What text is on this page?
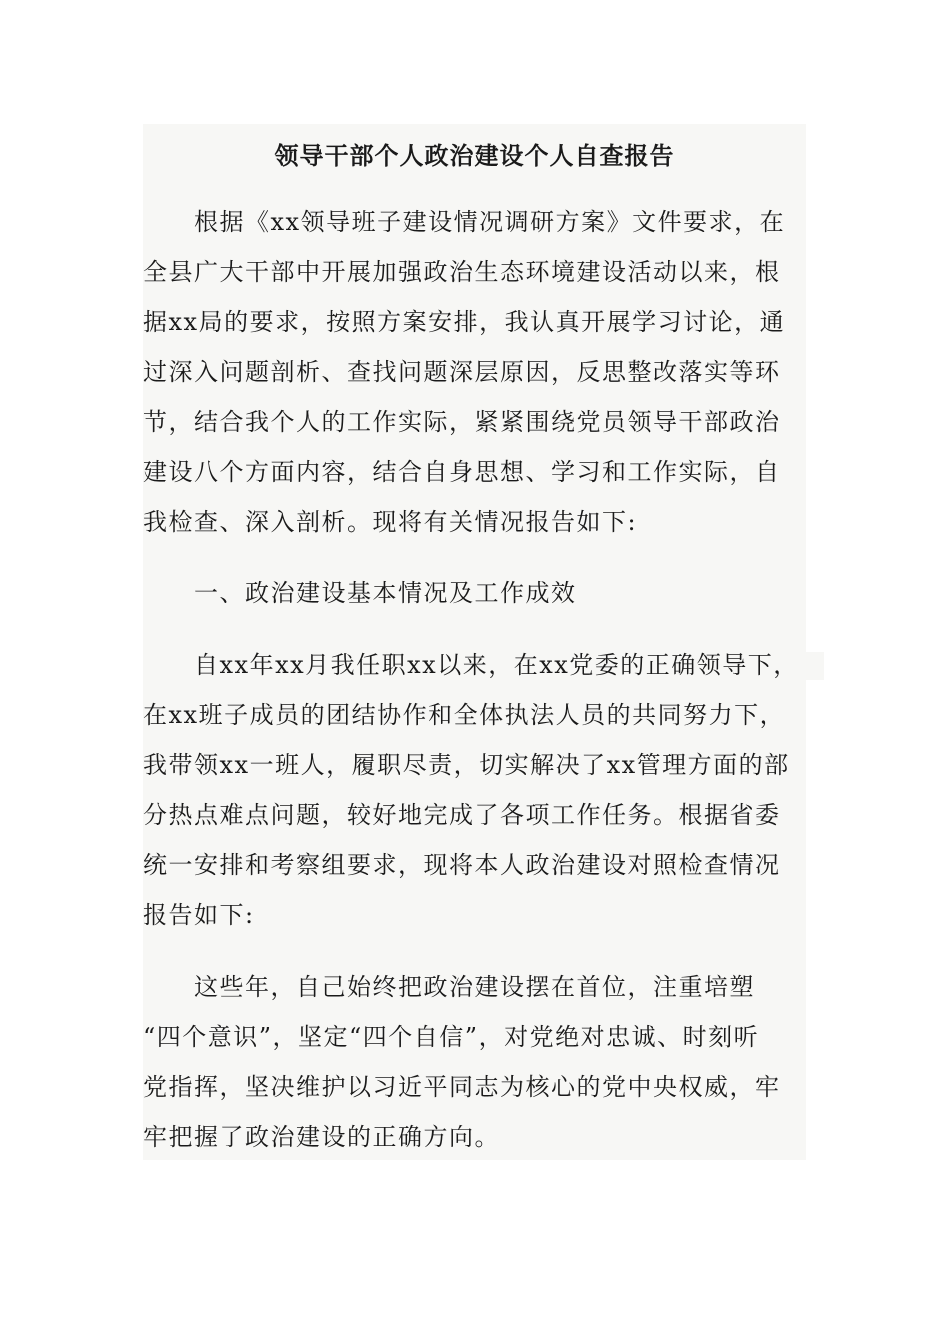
领导干部个人政治建设个人自查报告
　　根据《xx领导班子建设情况调研方案》文件要求，在
全县广大干部中开展加强政治生态环境建设活动以来，根
据xx局的要求，按照方案安排，我认真开展学习讨论，通
过深入问题剖析、查找问题深层原因，反思整改落实等环
节，结合我个人的工作实际，紧紧围绕党员领导干部政治
建设八个方面内容，结合自身思想、学习和工作实际，自
我检查、深入剖析。现将有关情况报告如下:
　　一、政治建设基本情况及工作成效
　　自xx年xx月我任职xx以来，在xx党委的正确领导下，
在xx班子成员的团结协作和全体执法人员的共同努力下，
我带领xx一班人，履职尽责，切实解决了xx管理方面的部
分热点难点问题，较好地完成了各项工作任务。根据省委
统一安排和考察组要求，现将本人政治建设对照检查情况
报告如下:
　　这些年，自己始终把政治建设摆在首位，注重培塑
“四个意识”，坚定“四个自信”，对党绝对忠诚、时刻听
党指挥，坚决维护以习近平同志为核心的党中央权威，牢
牢把握了政治建设的正确方向。
